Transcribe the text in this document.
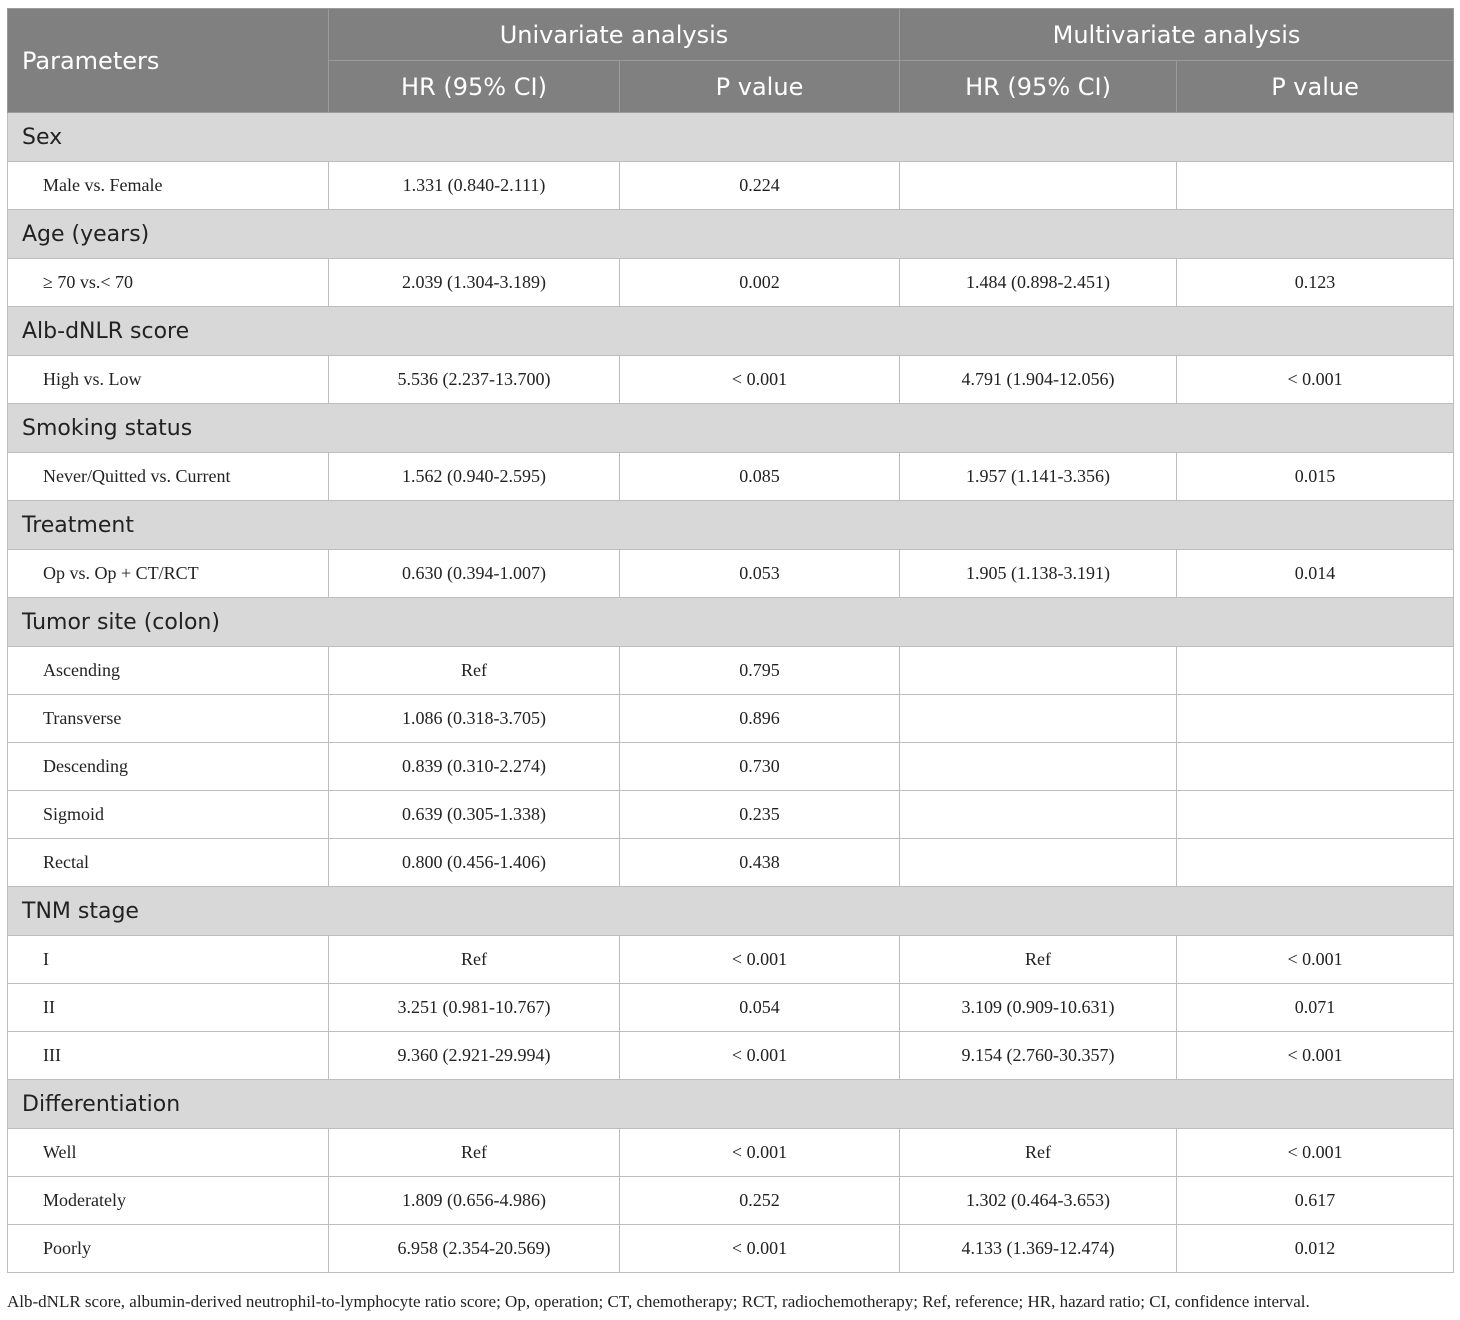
Parameters	Univariate analysis		Multivariate analysis	
	HR (95% CI)	P value	HR (95% CI)	P value
Sex				
Male vs. Female	1.331 (0.840-2.111)	0.224		
Age (years)				
≥ 70 vs.< 70	2.039 (1.304-3.189)	0.002	1.484 (0.898-2.451)	0.123
Alb-dNLR score				
High vs. Low	5.536 (2.237-13.700)	< 0.001	4.791 (1.904-12.056)	< 0.001
Smoking status				
Never/Quitted vs. Current	1.562 (0.940-2.595)	0.085	1.957 (1.141-3.356)	0.015
Treatment				
Op vs. Op + CT/RCT	0.630 (0.394-1.007)	0.053	1.905 (1.138-3.191)	0.014
Tumor site (colon)				
Ascending	Ref	0.795		
Transverse	1.086 (0.318-3.705)	0.896		
Descending	0.839 (0.310-2.274)	0.730		
Sigmoid	0.639 (0.305-1.338)	0.235		
Rectal	0.800 (0.456-1.406)	0.438		
TNM stage				
I	Ref	< 0.001	Ref	< 0.001
II	3.251 (0.981-10.767)	0.054	3.109 (0.909-10.631)	0.071
III	9.360 (2.921-29.994)	< 0.001	9.154 (2.760-30.357)	< 0.001
Differentiation				
Well	Ref	< 0.001	Ref	< 0.001
Moderately	1.809 (0.656-4.986)	0.252	1.302 (0.464-3.653)	0.617
Poorly	6.958 (2.354-20.569)	< 0.001	4.133 (1.369-12.474)	0.012
Alb-dNLR score, albumin-derived neutrophil-to-lymphocyte ratio score; Op, operation; CT, chemotherapy; RCT, radiochemotherapy; Ref, reference; HR, hazard ratio; CI, confidence interval.
